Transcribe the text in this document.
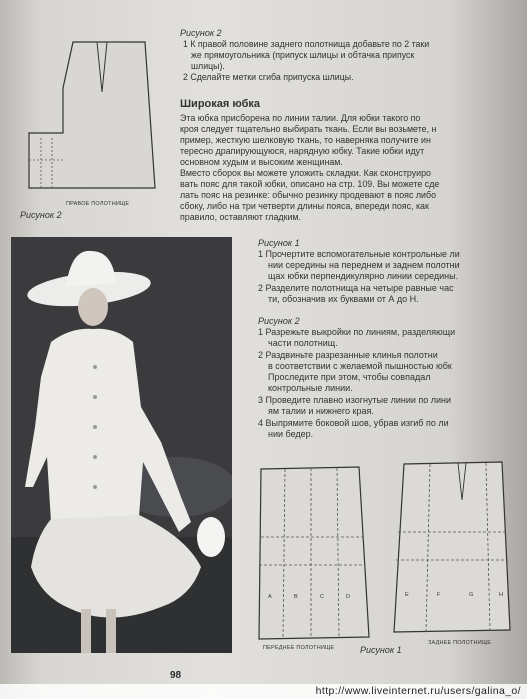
ПРАВОЕ ПОЛОТНИЩЕ
Рисунок 2
Рисунок 2
1 К правой половине заднего полотнища добавьте по 2 таки
же прямоугольника (припуск шлицы и обтачка припуск
шлицы).
2 Сделайте метки сгиба припуска шлицы.
Широкая юбка
Эта юбка присборена по линии талии. Для юбки такого по
кроя следует тщательно выбирать ткань. Если вы возьмете, н
пример, жесткую шелковую ткань, то наверняка получите ин
тересно драпирующуюся, нарядную юбку. Такие юбки идут
основном худым и высоким женщинам.
Вместо сборок вы можете уложить складки. Как сконструиро
вать пояс для такой юбки, описано на стр. 109. Вы можете сде
лать пояс на резинке: обычно резинку продевают в пояс либо
сбоку, либо на три четверти длины пояса, впереди пояс, как
правило, оставляют гладким.
Рисунок 1
1 Прочертите вспомогательные контрольные ли
нии середины на переднем и заднем полотни
щах юбки перпендикулярно линии середины.
2 Разделите полотнища на четыре равные час
ти, обозначив их буквами от А до Н.
Рисунок 2
1 Разрежьте выкройки по линиям, разделяющи
части полотнищ.
2 Раздвиньте разрезанные клинья полотни
в соответствии с желаемой пышностью юбк
Проследите при этом, чтобы совпадал
контрольные линии.
3 Проведите плавно изогнутые линии по лини
ям талии и нижнего края.
4 Выпрямите боковой шов, убрав изгиб по ли
нии бедер.
A	B	C	D
ПЕРЕДНЕЕ ПОЛОТНИЩЕ
E	F	G	H
ЗАДНЕЕ ПОЛОТНИЩЕ
Рисунок 1
98
http://www.liveinternet.ru/users/galina_o/
